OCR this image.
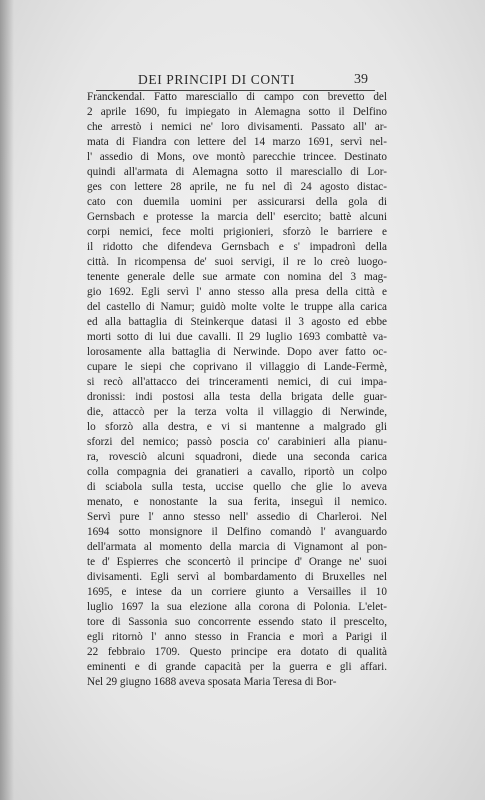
DEI PRINCIPI DI CONTI	39
Franckendal. Fatto maresciallo di campo con brevetto del
2 aprile 1690, fu impiegato in Alemagna sotto il Delfino
che arrestò i nemici ne' loro divisamenti. Passato all' ar-
mata di Fiandra con lettere del 14 marzo 1691, servì nel-
l' assedio di Mons, ove montò parecchie trincee. Destinato
quindi all'armata di Alemagna sotto il maresciallo di Lor-
ges con lettere 28 aprile, ne fu nel dì 24 agosto distac-
cato con duemila uomini per assicurarsi della gola di
Gernsbach e protesse la marcia dell' esercito; battè alcuni
corpi nemici, fece molti prigionieri, sforzò le barriere e
il ridotto che difendeva Gernsbach e s' impadronì della
città. In ricompensa de' suoi servigi, il re lo creò luogo-
tenente generale delle sue armate con nomina del 3 mag-
gio 1692. Egli servì l' anno stesso alla presa della città e
del castello di Namur; guidò molte volte le truppe alla carica
ed alla battaglia di Steinkerque datasi il 3 agosto ed ebbe
morti sotto di lui due cavalli. Il 29 luglio 1693 combattè va-
lorosamente alla battaglia di Nerwinde. Dopo aver fatto oc-
cupare le siepi che coprivano il villaggio di Lande-Fermè,
si recò all'attacco dei trinceramenti nemici, di cui impa-
dronissi: indi postosi alla testa della brigata delle guar-
die, attaccò per la terza volta il villaggio di Nerwinde,
lo sforzò alla destra, e vi si mantenne a malgrado gli
sforzi del nemico; passò poscia co' carabinieri alla pianu-
ra, rovesciò alcuni squadroni, diede una seconda carica
colla compagnia dei granatieri a cavallo, riportò un colpo
di sciabola sulla testa, uccise quello che glie lo aveva
menato, e nonostante la sua ferita, inseguì il nemico.
Servì pure l' anno stesso nell' assedio di Charleroi. Nel
1694 sotto monsignore il Delfino comandò l' avanguardo
dell'armata al momento della marcia di Vignamont al pon-
te d' Espierres che sconcertò il principe d' Orange ne' suoi
divisamenti. Egli servì al bombardamento di Bruxelles nel
1695, e intese da un corriere giunto a Versailles il 10
luglio 1697 la sua elezione alla corona di Polonia. L'elet-
tore di Sassonia suo concorrente essendo stato il prescelto,
egli ritornò l' anno stesso in Francia e morì a Parigi il
22 febbraio 1709. Questo principe era dotato di qualità
eminenti e di grande capacità per la guerra e gli affari.
Nel 29 giugno 1688 aveva sposata Maria Teresa di Bor-
